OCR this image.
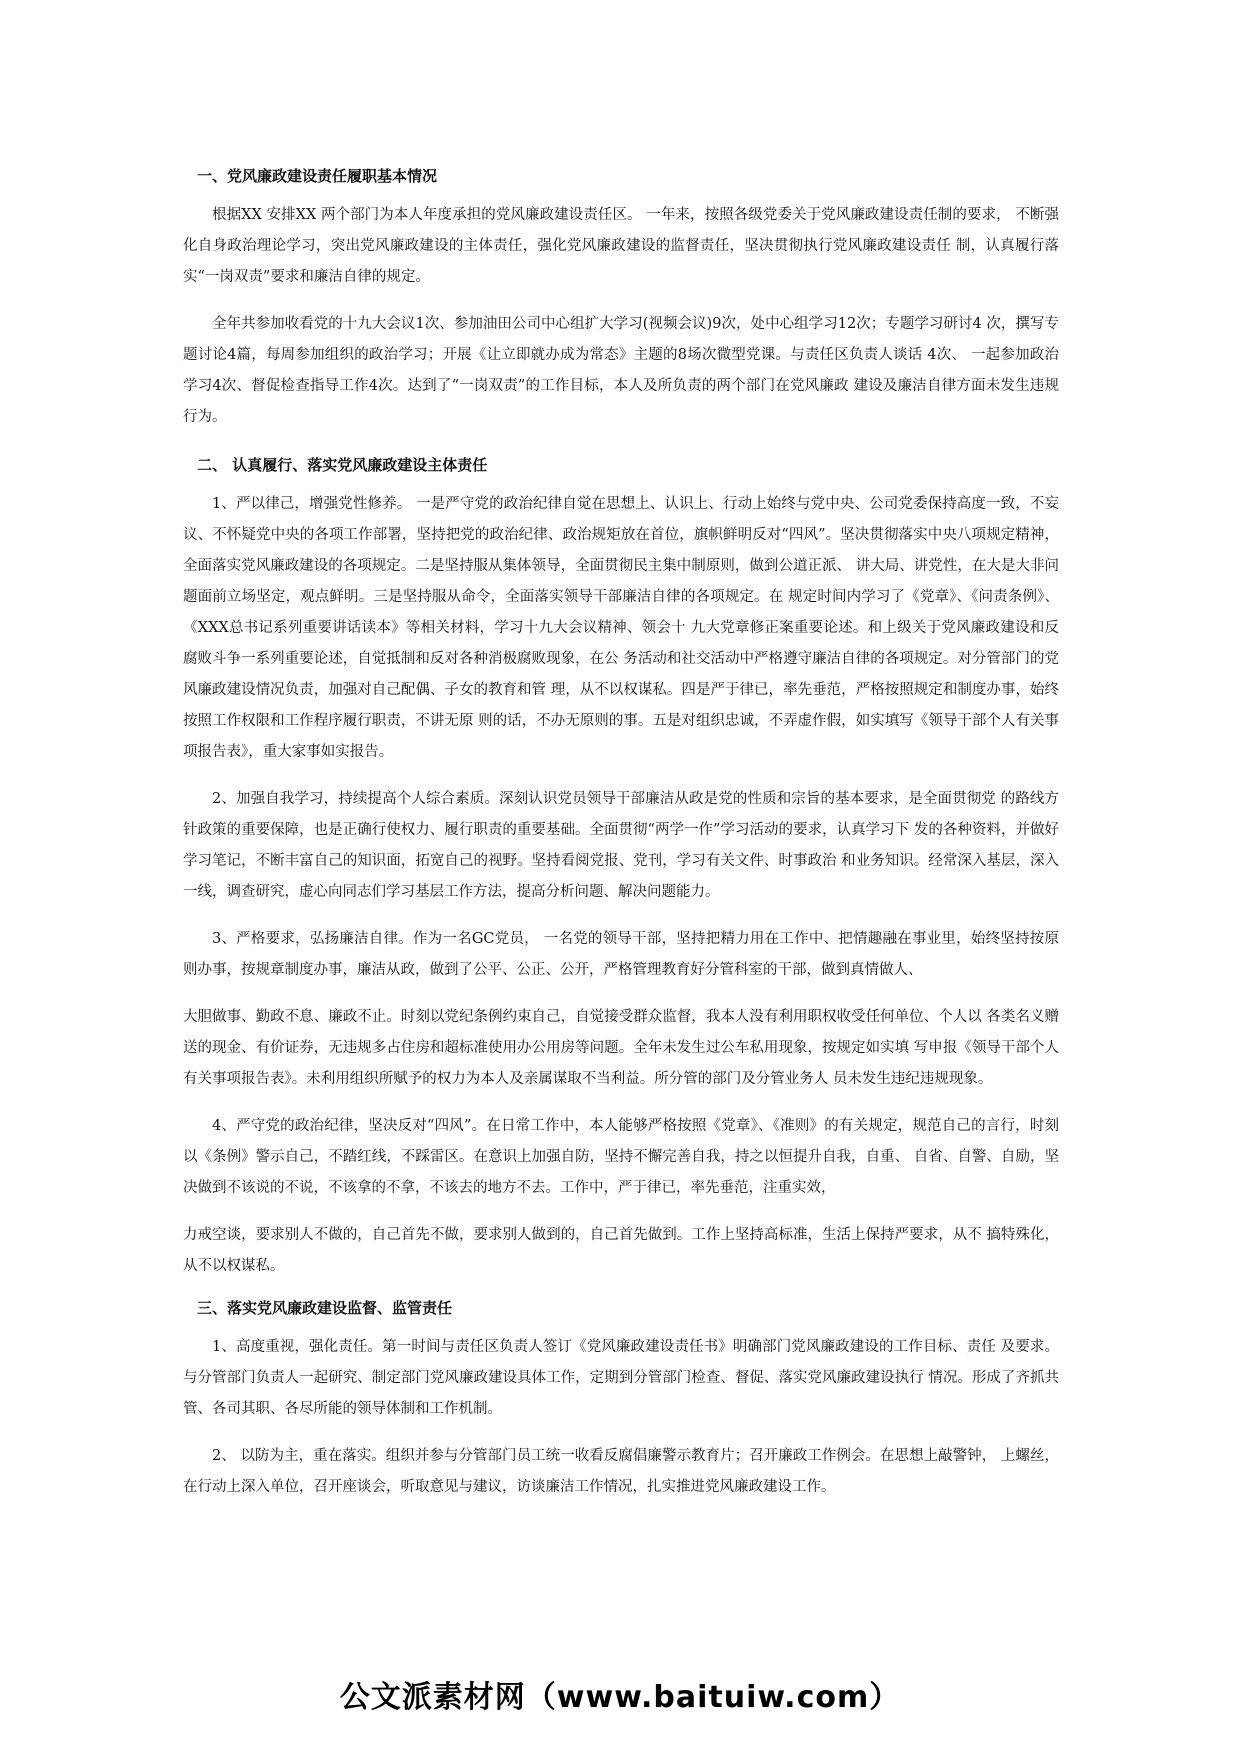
一、党风廉政建设责任履职基本情况

根据XX 安排XX 两个部门为本人年度承担的党风廉政建设责任区。 一年来，按照各级党委关于党风廉政建设责任制的要求， 不断强化自身政治理论学习，突出党风廉政建设的主体责任，强化党风廉政建设的监督责任，坚决贯彻执行党风廉政建设责任 制，认真履行落实“一岗双责”要求和廉洁自律的规定。

全年共参加收看党的十九大会议1次、参加油田公司中心组扩大学习(视频会议)9次，处中心组学习12次；专题学习研讨4 次，撰写专题讨论4篇，每周参加组织的政治学习；开展《让立即就办成为常态》主题的8场次微型党课。与责任区负责人谈话 4次、 一起参加政治学习4次、督促检查指导工作4次。达到了“一岗双责”的工作目标，本人及所负责的两个部门在党风廉政 建设及廉洁自律方面未发生违规行为。

二、 认真履行、落实党风廉政建设主体责任

1、严以律己，增强党性修养。 一是严守党的政治纪律自觉在思想上、认识上、行动上始终与党中央、公司党委保持高度一致，不妄议、不怀疑党中央的各项工作部署，坚持把党的政治纪律、政治规矩放在首位，旗帜鲜明反对“四风”。坚决贯彻落实中央八项规定精神，全面落实党风廉政建设的各项规定。二是坚持服从集体领导，全面贯彻民主集中制原则，做到公道正派、 讲大局、讲党性，在大是大非问题面前立场坚定，观点鲜明。三是坚持服从命令，全面落实领导干部廉洁自律的各项规定。在 规定时间内学习了《党章》、《问责条例》、 《XXX总书记系列重要讲话读本》等相关材料，学习十九大会议精神、领会十 九大党章修正案重要论述。和上级关于党风廉政建设和反腐败斗争一系列重要论述，自觉抵制和反对各种消极腐败现象，在公 务活动和社交活动中严格遵守廉洁自律的各项规定。对分管部门的党风廉政建设情况负责，加强对自己配偶、子女的教育和管 理，从不以权谋私。四是严于律已，率先垂范，严格按照规定和制度办事，始终按照工作权限和工作程序履行职责，不讲无原 则的话，不办无原则的事。五是对组织忠诚，不弄虚作假，如实填写《领导干部个人有关事项报告表》，重大家事如实报告。

2、加强自我学习，持续提高个人综合素质。深刻认识党员领导干部廉洁从政是党的性质和宗旨的基本要求，是全面贯彻党 的路线方针政策的重要保障，也是正确行使权力、履行职责的重要基础。全面贯彻“两学一作”学习活动的要求，认真学习下 发的各种资料，并做好学习笔记，不断丰富自己的知识面，拓宽自己的视野。坚持看阅党报、党刊，学习有关文件、时事政治 和业务知识。经常深入基层，深入一线，调查研究，虚心向同志们学习基层工作方法，提高分析问题、解决问题能力。

3、严格要求，弘扬廉洁自律。作为一名GC党员， 一名党的领导干部，坚持把精力用在工作中、把情趣融在事业里，始终坚持按原则办事，按规章制度办事，廉洁从政，做到了公平、公正、公开，严格管理教育好分管科室的干部，做到真情做人、

大胆做事、勤政不息、廉政不止。时刻以党纪条例约束自己，自觉接受群众监督，我本人没有利用职权收受任何单位、个人以 各类名义赠送的现金、有价证券，无违规多占住房和超标准使用办公用房等问题。全年未发生过公车私用现象，按规定如实填 写申报《领导干部个人有关事项报告表》。未利用组织所赋予的权力为本人及亲属谋取不当利益。所分管的部门及分管业务人 员未发生违纪违规现象。

4、严守党的政治纪律，坚决反对“四风”。在日常工作中，本人能够严格按照《党章》、《准则》的有关规定，规范自己的言行，时刻以《条例》警示自己，不踏红线，不踩雷区。在意识上加强自防，坚持不懈完善自我，持之以恒提升自我，自重、 自省、自警、自励，坚决做到不该说的不说，不该拿的不拿，不该去的地方不去。工作中，严于律已，率先垂范，注重实效，

力戒空谈，要求别人不做的，自己首先不做，要求别人做到的，自己首先做到。工作上坚持高标准，生活上保持严要求，从不 搞特殊化，从不以权谋私。

三、落实党风廉政建设监督、监管责任

1、高度重视，强化责任。第一时间与责任区负责人签订《党风廉政建设责任书》明确部门党风廉政建设的工作目标、责任 及要求。与分管部门负责人一起研究、制定部门党风廉政建设具体工作，定期到分管部门检查、督促、落实党风廉政建设执行 情况。形成了齐抓共管、各司其职、各尽所能的领导体制和工作机制。

2、 以防为主，重在落实。组织并参与分管部门员工统一收看反腐倡廉警示教育片；召开廉政工作例会。在思想上敲警钟， 上螺丝，在行动上深入单位，召开座谈会，听取意见与建议，访谈廉洁工作情况，扎实推进党风廉政建设工作。

公文派素材网（www.baituiw.com）
